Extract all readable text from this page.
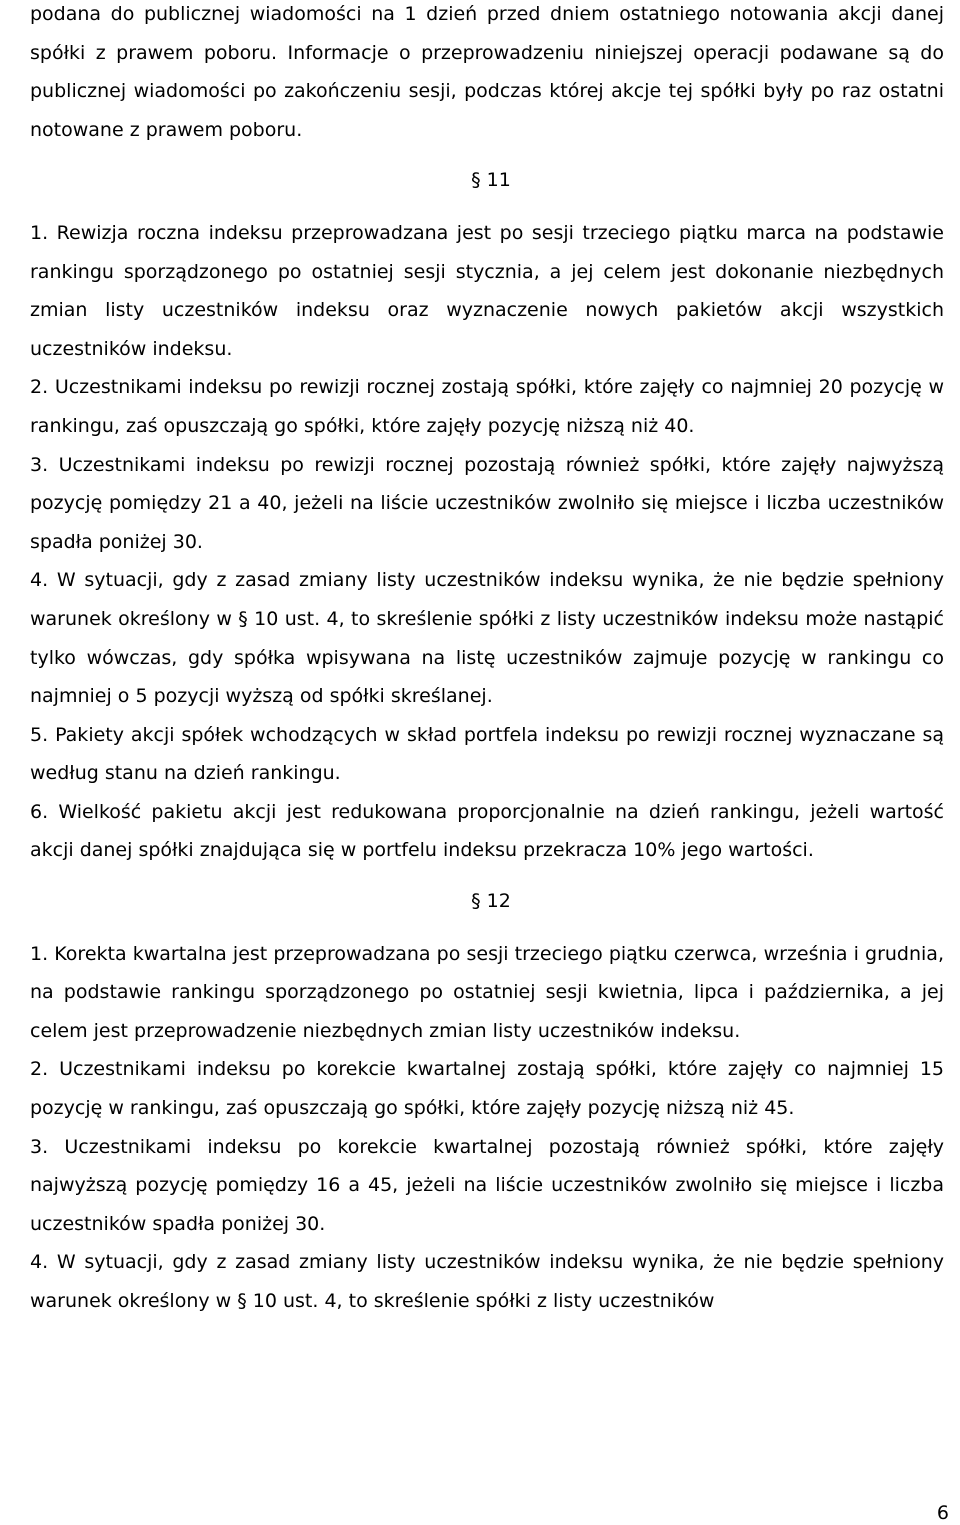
podana do publicznej wiadomości na 1 dzień przed dniem ostatniego notowania akcji danej spółki z prawem poboru. Informacje o przeprowadzeniu niniejszej operacji podawane są do publicznej wiadomości po zakończeniu sesji, podczas której akcje tej spółki były po raz ostatni notowane z prawem poboru.

§ 11

1. Rewizja roczna indeksu przeprowadzana jest po sesji trzeciego piątku marca na podstawie rankingu sporządzonego po ostatniej sesji stycznia, a jej celem jest dokonanie niezbędnych zmian listy uczestników indeksu oraz wyznaczenie nowych pakietów akcji wszystkich uczestników indeksu.

2. Uczestnikami indeksu po rewizji rocznej zostają spółki, które zajęły co najmniej 20 pozycję w rankingu, zaś opuszczają go spółki, które zajęły pozycję niższą niż 40.

3. Uczestnikami indeksu po rewizji rocznej pozostają również spółki, które zajęły najwyższą pozycję pomiędzy 21 a 40, jeżeli na liście uczestników zwolniło się miejsce i liczba uczestników spadła poniżej 30.

4. W sytuacji, gdy z zasad zmiany listy uczestników indeksu wynika, że nie będzie spełniony warunek określony w § 10 ust. 4, to skreślenie spółki z listy uczestników indeksu może nastąpić tylko wówczas, gdy spółka wpisywana na listę uczestników zajmuje pozycję w rankingu co najmniej o 5 pozycji wyższą od spółki skreślanej.

5. Pakiety akcji spółek wchodzących w skład portfela indeksu po rewizji rocznej wyznaczane są według stanu na dzień rankingu.

6. Wielkość pakietu akcji jest redukowana proporcjonalnie na dzień rankingu, jeżeli wartość akcji danej spółki znajdująca się w portfelu indeksu przekracza 10% jego wartości.

§ 12

1. Korekta kwartalna jest przeprowadzana po sesji trzeciego piątku czerwca, września i grudnia, na podstawie rankingu sporządzonego po ostatniej sesji kwietnia, lipca i października, a jej celem jest przeprowadzenie niezbędnych zmian listy uczestników indeksu.

2. Uczestnikami indeksu po korekcie kwartalnej zostają spółki, które zajęły co najmniej 15 pozycję w rankingu, zaś opuszczają go spółki, które zajęły pozycję niższą niż 45.

3. Uczestnikami indeksu po korekcie kwartalnej pozostają również spółki, które zajęły najwyższą pozycję pomiędzy 16 a 45, jeżeli na liście uczestników zwolniło się miejsce i liczba uczestników spadła poniżej 30.

4. W sytuacji, gdy z zasad zmiany listy uczestników indeksu wynika, że nie będzie spełniony warunek określony w § 10 ust. 4, to skreślenie spółki z listy uczestników

6
